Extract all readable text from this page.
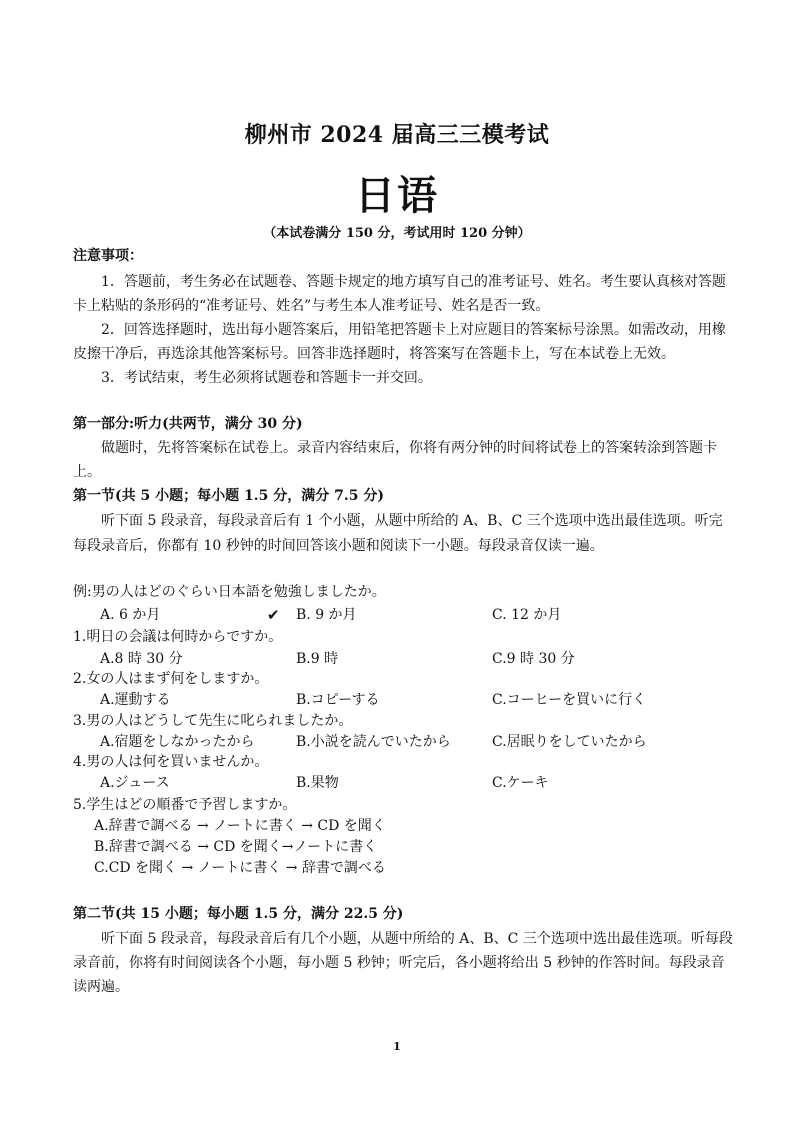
柳州市 2024 届高三三模考试
日语
（本试卷满分 150 分，考试用时 120 分钟）
注意事项：
1．答题前，考生务必在试题卷、答题卡规定的地方填写自己的准考证号、姓名。考生要认真核对答题
卡上粘贴的条形码的“准考证号、姓名”与考生本人准考证号、姓名是否一致。
2．回答选择题时，选出每小题答案后，用铅笔把答题卡上对应题目的答案标号涂黑。如需改动，用橡
皮擦干净后，再选涂其他答案标号。回答非选择题时，将答案写在答题卡上，写在本试卷上无效。
3．考试结束，考生必须将试题卷和答题卡一并交回。
第一部分:听力(共两节，满分 30 分)
做题时，先将答案标在试卷上。录音内容结束后，你将有两分钟的时间将试卷上的答案转涂到答题卡
上。
第一节(共 5 小题；每小题 1.5 分，满分 7.5 分)
听下面 5 段录音，每段录音后有 1 个小题，从题中所给的 A、B、C 三个选项中选出最佳选项。听完
每段录音后，你都有 10 秒钟的时间回答该小题和阅读下一小题。每段录音仅读一遍。
例:男の人はどのぐらい日本語を勉強しましたか。
A. 6 か月	✔ B. 9 か月	C. 12 か月
1.明日の会議は何時からですか。
A.8 時 30 分	B.9 時	C.9 時 30 分
2.女の人はまず何をしますか。
A.運動する	B.コピーする	C.コーヒーを買いに行く
3.男の人はどうして先生に叱られましたか。
A.宿題をしなかったから	B.小説を読んでいたから	C.居眠りをしていたから
4.男の人は何を買いませんか。
A.ジュース	B.果物	C.ケーキ
5.学生はどの順番で予習しますか。
A.辞書で調べる → ノートに書く → CD を聞く
B.辞書で調べる → CD を聞く→ノートに書く
C.CD を聞く → ノートに書く → 辞書で調べる
第二节(共 15 小题；每小题 1.5 分，满分 22.5 分)
听下面 5 段录音，每段录音后有几个小题，从题中所给的 A、B、C 三个选项中选出最佳选项。听每段
录音前，你将有时间阅读各个小题，每小题 5 秒钟；听完后，各小题将给出 5 秒钟的作答时间。每段录音
读两遍。
1
